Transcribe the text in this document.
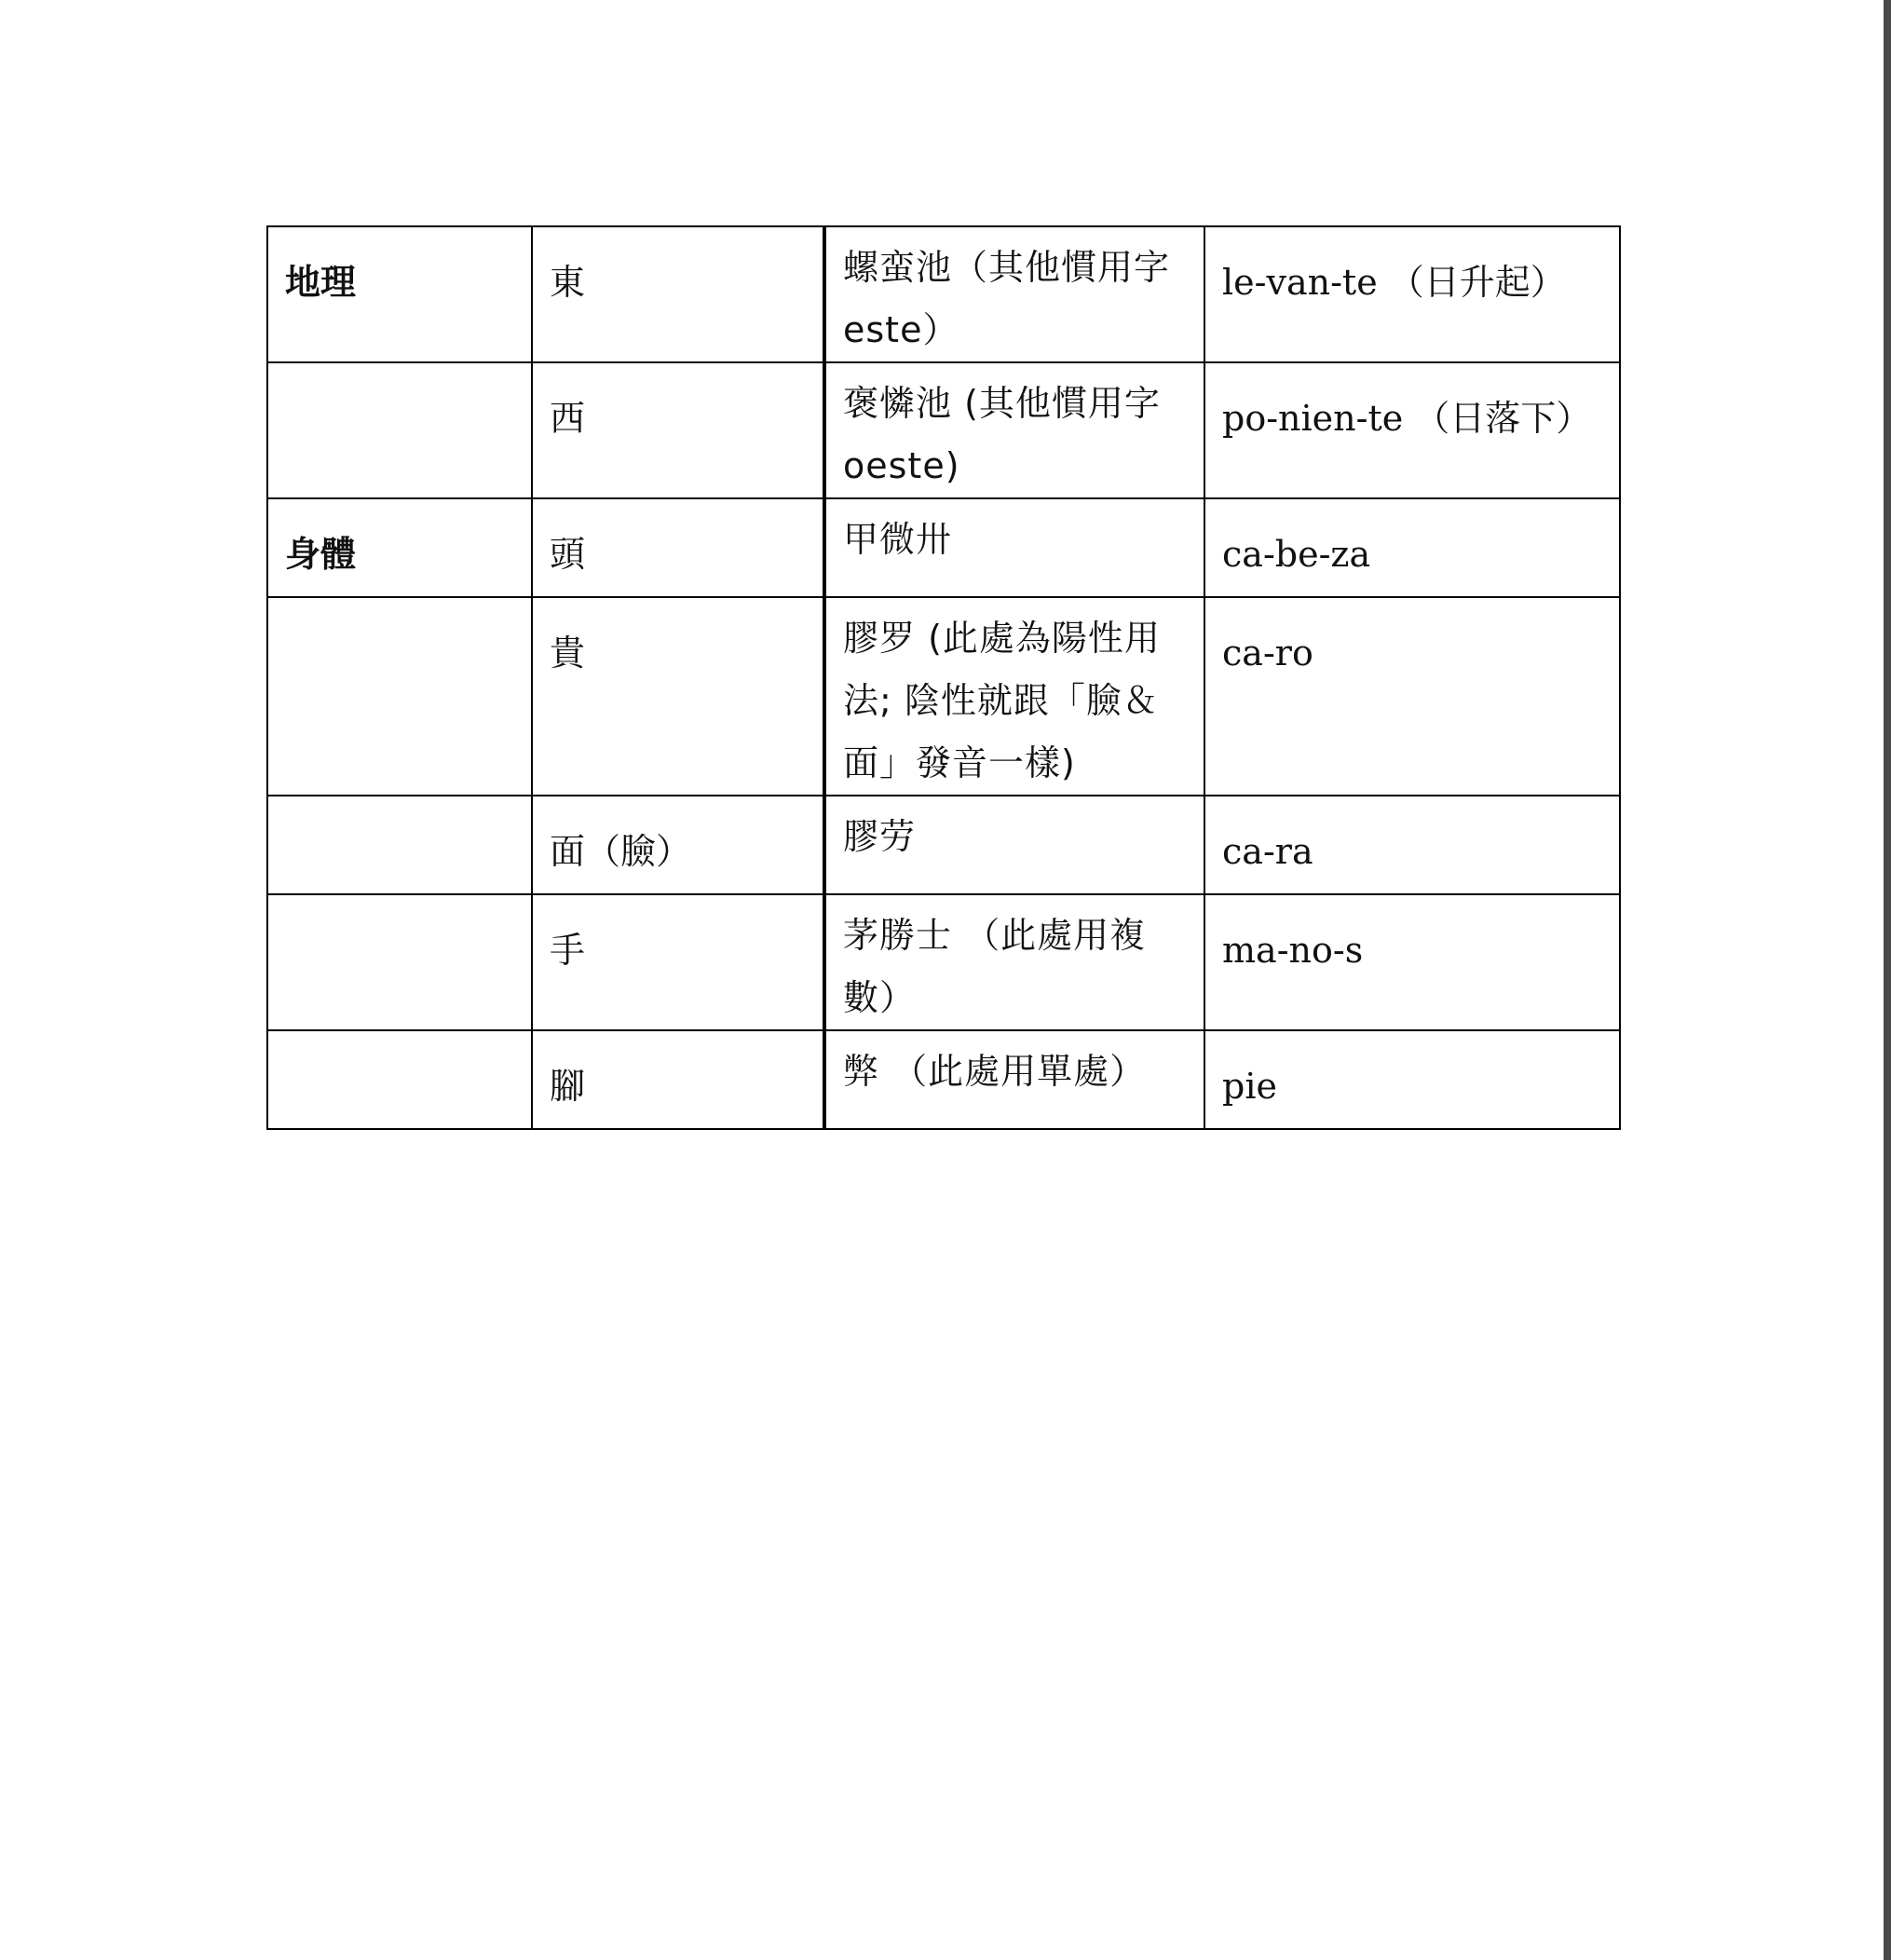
地理	東	螺蛮池（其他慣用字 este）	le-van-te （日升起）
	西	褒憐池 (其他慣用字 oeste)	po-nien-te （日落下）
身體	頭	甲微卅	ca-be-za
	貴	膠罗 (此處為陽性用法; 陰性就跟「臉＆面」發音一樣)	ca-ro
	面（臉）	膠劳	ca-ra
	手	茅勝士 （此處用複數）	ma-no-s
	腳	弊 （此處用單處）	pie
